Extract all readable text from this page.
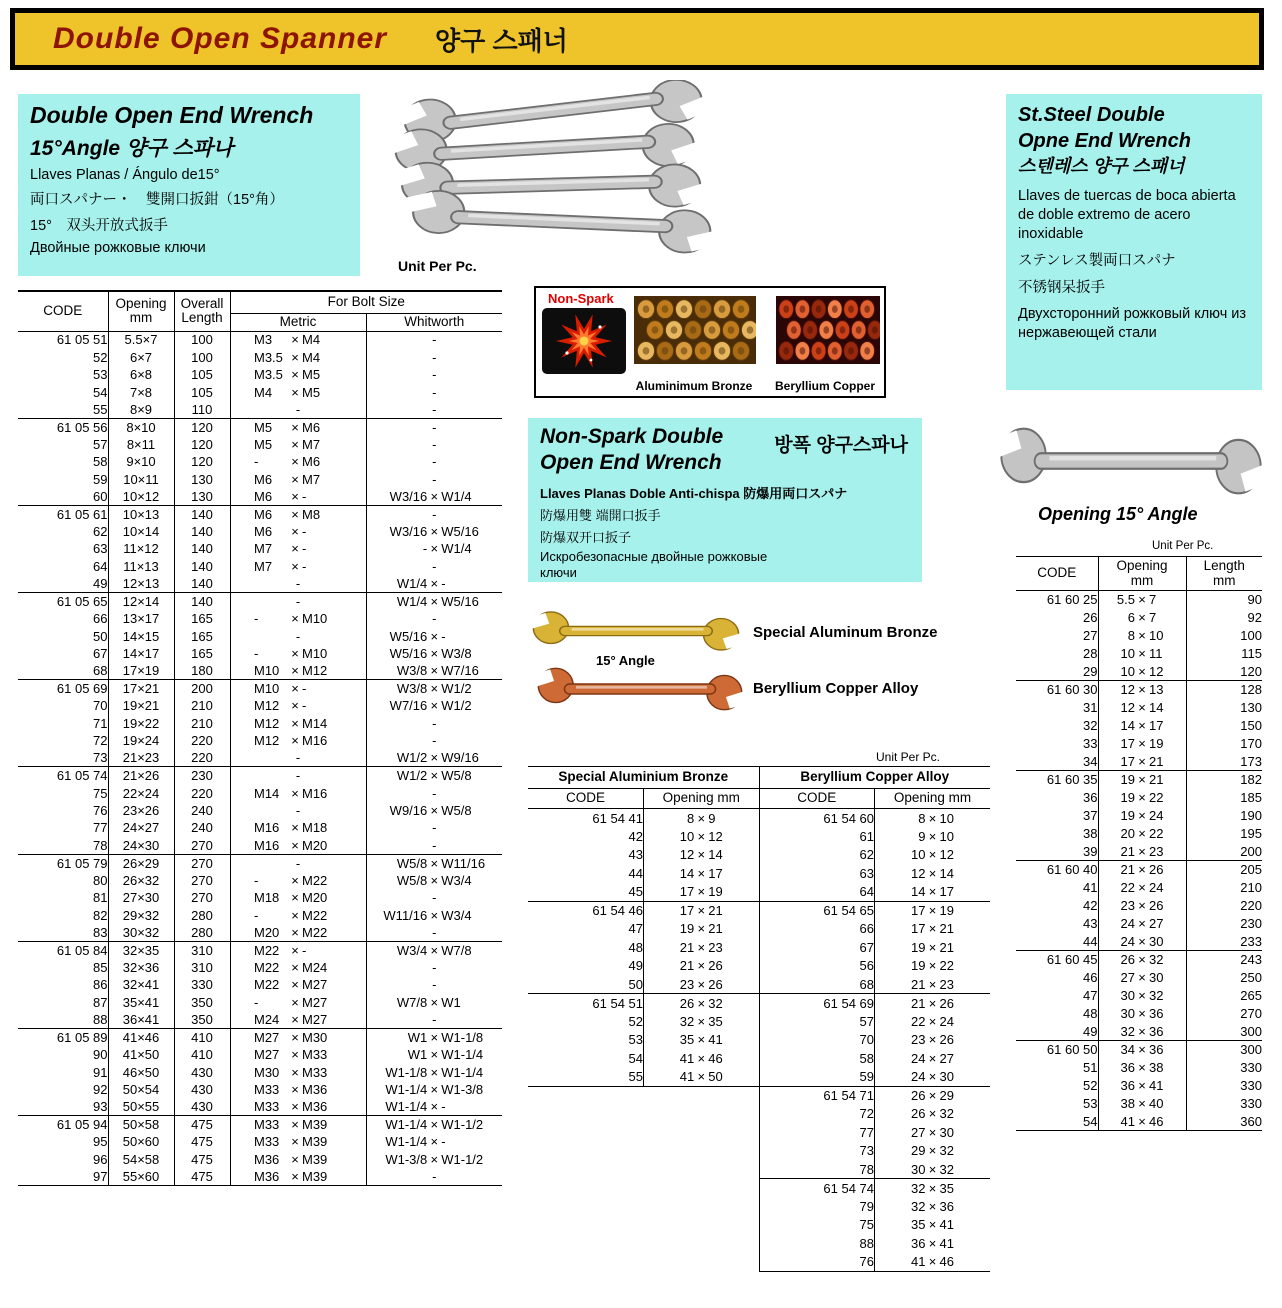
Double Open Spanner 양구 스패너
Double Open End Wrench
15°Angle 양구 스파나
Llaves Planas / Ángulo de15°
両口スパナー・　雙開口扳鉗（15°角）
15°　双头开放式扳手
Двойные рожковые ключи
Unit Per Pc.
St.Steel Double
Opne End Wrench
스텐레스 양구 스패너
Llaves de tuercas de boca abierta de doble extremo de acero inoxidable
ステンレス製両口スパナ
不锈钢呆扳手
Двухсторонний рожковый ключ из нержавеющей стали
Non-Spark
Aluminimum Bronze	Beryllium Copper
Non-Spark Double
Open End Wrench
방폭 양구스파나
Llaves Planas Doble Anti-chispa 防爆用両口スパナ
防爆用雙 端開口扳手
防爆双开口扳子
Искробезопасные двойные рожковые ключи
Special Aluminum Bronze
15° Angle
Beryllium Copper Alloy
Opening 15° Angle
Unit Per Pc.
Unit Per Pc.
CODE	Opening
mm

Overall
Length
	For Bolt Size
			Metric	Whitworth
61 05 51	5.5×7	100	M3 × M4	-
52	6×7	100	M3.5 × M4	-
53	6×8	105	M3.5 × M5	-
54	7×8	105	M4 × M5	-
55	8×9	110	-	-
61 05 56	8×10	120	M5 × M6	-
57	8×11	120	M5 × M7	-
58	9×10	120	- × M6	-
59	10×11	130	M6 × M7	-
60	10×12	130	M6 × -	W3/16 × W1/4
61 05 61	10×13	140	M6 × M8	-
62	10×14	140	M6 × -	W3/16 × W5/16
63	11×12	140	M7 × -	- × W1/4
64	11×13	140	M7 × -	-
49	12×13	140	-	W1/4 × -
61 05 65	12×14	140	-	W1/4 × W5/16
66	13×17	165	- × M10	-
50	14×15	165	-	W5/16 × -
67	14×17	165	- × M10	W5/16 × W3/8
68	17×19	180	M10 × M12	W3/8 × W7/16
61 05 69	17×21	200	M10 × -	W3/8 × W1/2
70	19×21	210	M12 × -	W7/16 × W1/2
71	19×22	210	M12 × M14	-
72	19×24	220	M12 × M16	-
73	21×23	220	-	W1/2 × W9/16
61 05 74	21×26	230	-	W1/2 × W5/8
75	22×24	220	M14 × M16	-
76	23×26	240	-	W9/16 × W5/8
77	24×27	240	M16 × M18	-
78	24×30	270	M16 × M20	-
61 05 79	26×29	270	-	W5/8 × W11/16
80	26×32	270	- × M22	W5/8 × W3/4
81	27×30	270	M18 × M20	-
82	29×32	280	- × M22	W11/16 × W3/4
83	30×32	280	M20 × M22	-
61 05 84	32×35	310	M22 × -	W3/4 × W7/8
85	32×36	310	M22 × M24	-
86	32×41	330	M22 × M27	-
87	35×41	350	- × M27	W7/8 × W1
88	36×41	350	M24 × M27	-
61 05 89	41×46	410	M27 × M30	W1 × W1-1/8
90	41×50	410	M27 × M33	W1 × W1-1/4
91	46×50	430	M30 × M33	W1-1/8 × W1-1/4
92	50×54	430	M33 × M36	W1-1/4 × W1-3/8
93	50×55	430	M33 × M36	W1-1/4 × -
61 05 94	50×58	475	M33 × M39	W1-1/4 × W1-1/2
95	50×60	475	M33 × M39	W1-1/4 × -
96	54×58	475	M36 × M39	W1-3/8 × W1-1/2
97	55×60	475	M36 × M39	-
Special Aluminium Bronze		Beryllium Copper Alloy	
CODE	Opening mm	CODE	Opening mm
61 54 41	8 × 9	61 54 60	8 × 10
42	10 × 12	61	9 × 10
43	12 × 14	62	10 × 12
44	14 × 17	63	12 × 14
45	17 × 19	64	14 × 17
61 54 46	17 × 21	61 54 65	17 × 19
47	19 × 21	66	17 × 21
48	21 × 23	67	19 × 21
49	21 × 26	56	19 × 22
50	23 × 26	68	21 × 23
61 54 51	26 × 32	61 54 69	21 × 26
52	32 × 35	57	22 × 24
53	35 × 41	70	23 × 26
54	41 × 46	58	24 × 27
55	41 × 50	59	24 × 30
		61 54 71	26 × 29
		72	26 × 32
		77	27 × 30
		73	29 × 32
		78	30 × 32
		61 54 74	32 × 35
		79	32 × 36
		75	35 × 41
		88	36 × 41
		76	41 × 46
CODE	Opening
mm

Length
mm

61 60 25	5.5 × 7	90
26	6 × 7	92
27	8 × 10	100
28	10 × 11	115
29	10 × 12	120
61 60 30	12 × 13	128
31	12 × 14	130
32	14 × 17	150
33	17 × 19	170
34	17 × 21	173
61 60 35	19 × 21	182
36	19 × 22	185
37	19 × 24	190
38	20 × 22	195
39	21 × 23	200
61 60 40	21 × 26	205
41	22 × 24	210
42	23 × 26	220
43	24 × 27	230
44	24 × 30	233
61 60 45	26 × 32	243
46	27 × 30	250
47	30 × 32	265
48	30 × 36	270
49	32 × 36	300
61 60 50	34 × 36	300
51	36 × 38	330
52	36 × 41	330
53	38 × 40	330
54	41 × 46	360
